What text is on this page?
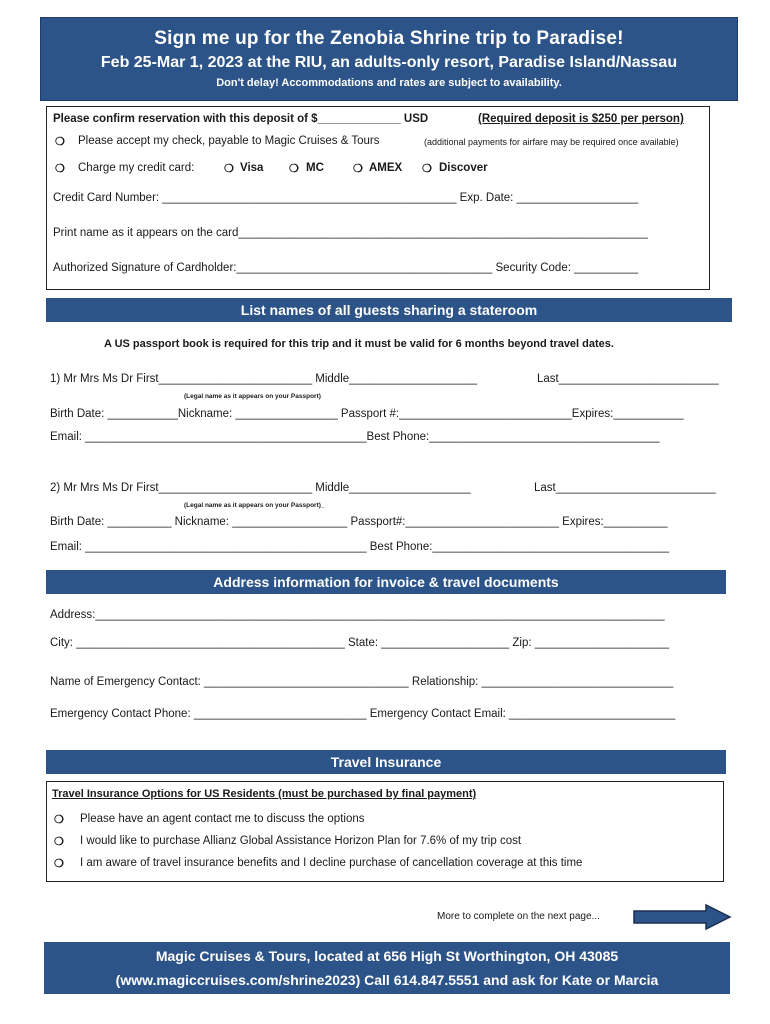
Sign me up for the Zenobia Shrine trip to Paradise!
Feb 25-Mar 1, 2023 at the RIU, an adults-only resort, Paradise Island/Nassau
Don't delay! Accommodations and rates are subject to availability.
Please confirm reservation with this deposit of $_____________ USD	(Required deposit is $250 per person)
❍ Please accept my check, payable to Magic Cruises & Tours	(additional payments for airfare may be required once available)
❍ Charge my credit card:	❍ Visa ❍ MC	❍ AMEX ❍ Discover
Credit Card Number: ______________________________________________ Exp. Date: ___________________
Print name as it appears on the card________________________________________________________________
Authorized Signature of Cardholder:________________________________________ Security Code: __________
List names of all guests sharing a stateroom
A US passport book is required for this trip and it must be valid for 6 months beyond travel dates.
1) Mr Mrs Ms Dr First________________________ Middle____________________	Last_________________________
(Legal name as it appears on your Passport)
Birth Date: ___________Nickname: ________________ Passport #:___________________________Expires:___________
Email: ____________________________________________Best Phone:____________________________________
2) Mr Mrs Ms Dr First________________________ Middle___________________	Last_________________________
(Legal name as it appears on your Passport)_
Birth Date: __________ Nickname: __________________ Passport#:________________________ Expires:__________
Email: ____________________________________________ Best Phone:_____________________________________
Address information for invoice & travel documents
Address:_________________________________________________________________________________________
City: __________________________________________ State: ____________________ Zip: _____________________
Name of Emergency Contact: ________________________________ Relationship: ______________________________
Emergency Contact Phone: ___________________________ Emergency Contact Email: __________________________
Travel Insurance
Travel Insurance Options for US Residents (must be purchased by final payment)
❍ Please have an agent contact me to discuss the options
❍ I would like to purchase Allianz Global Assistance Horizon Plan for 7.6% of my trip cost
❍ I am aware of travel insurance benefits and I decline purchase of cancellation coverage at this time
More to complete on the next page...
Magic Cruises & Tours, located at 656 High St Worthington, OH 43085
(www.magiccruises.com/shrine2023) Call 614.847.5551 and ask for Kate or Marcia
